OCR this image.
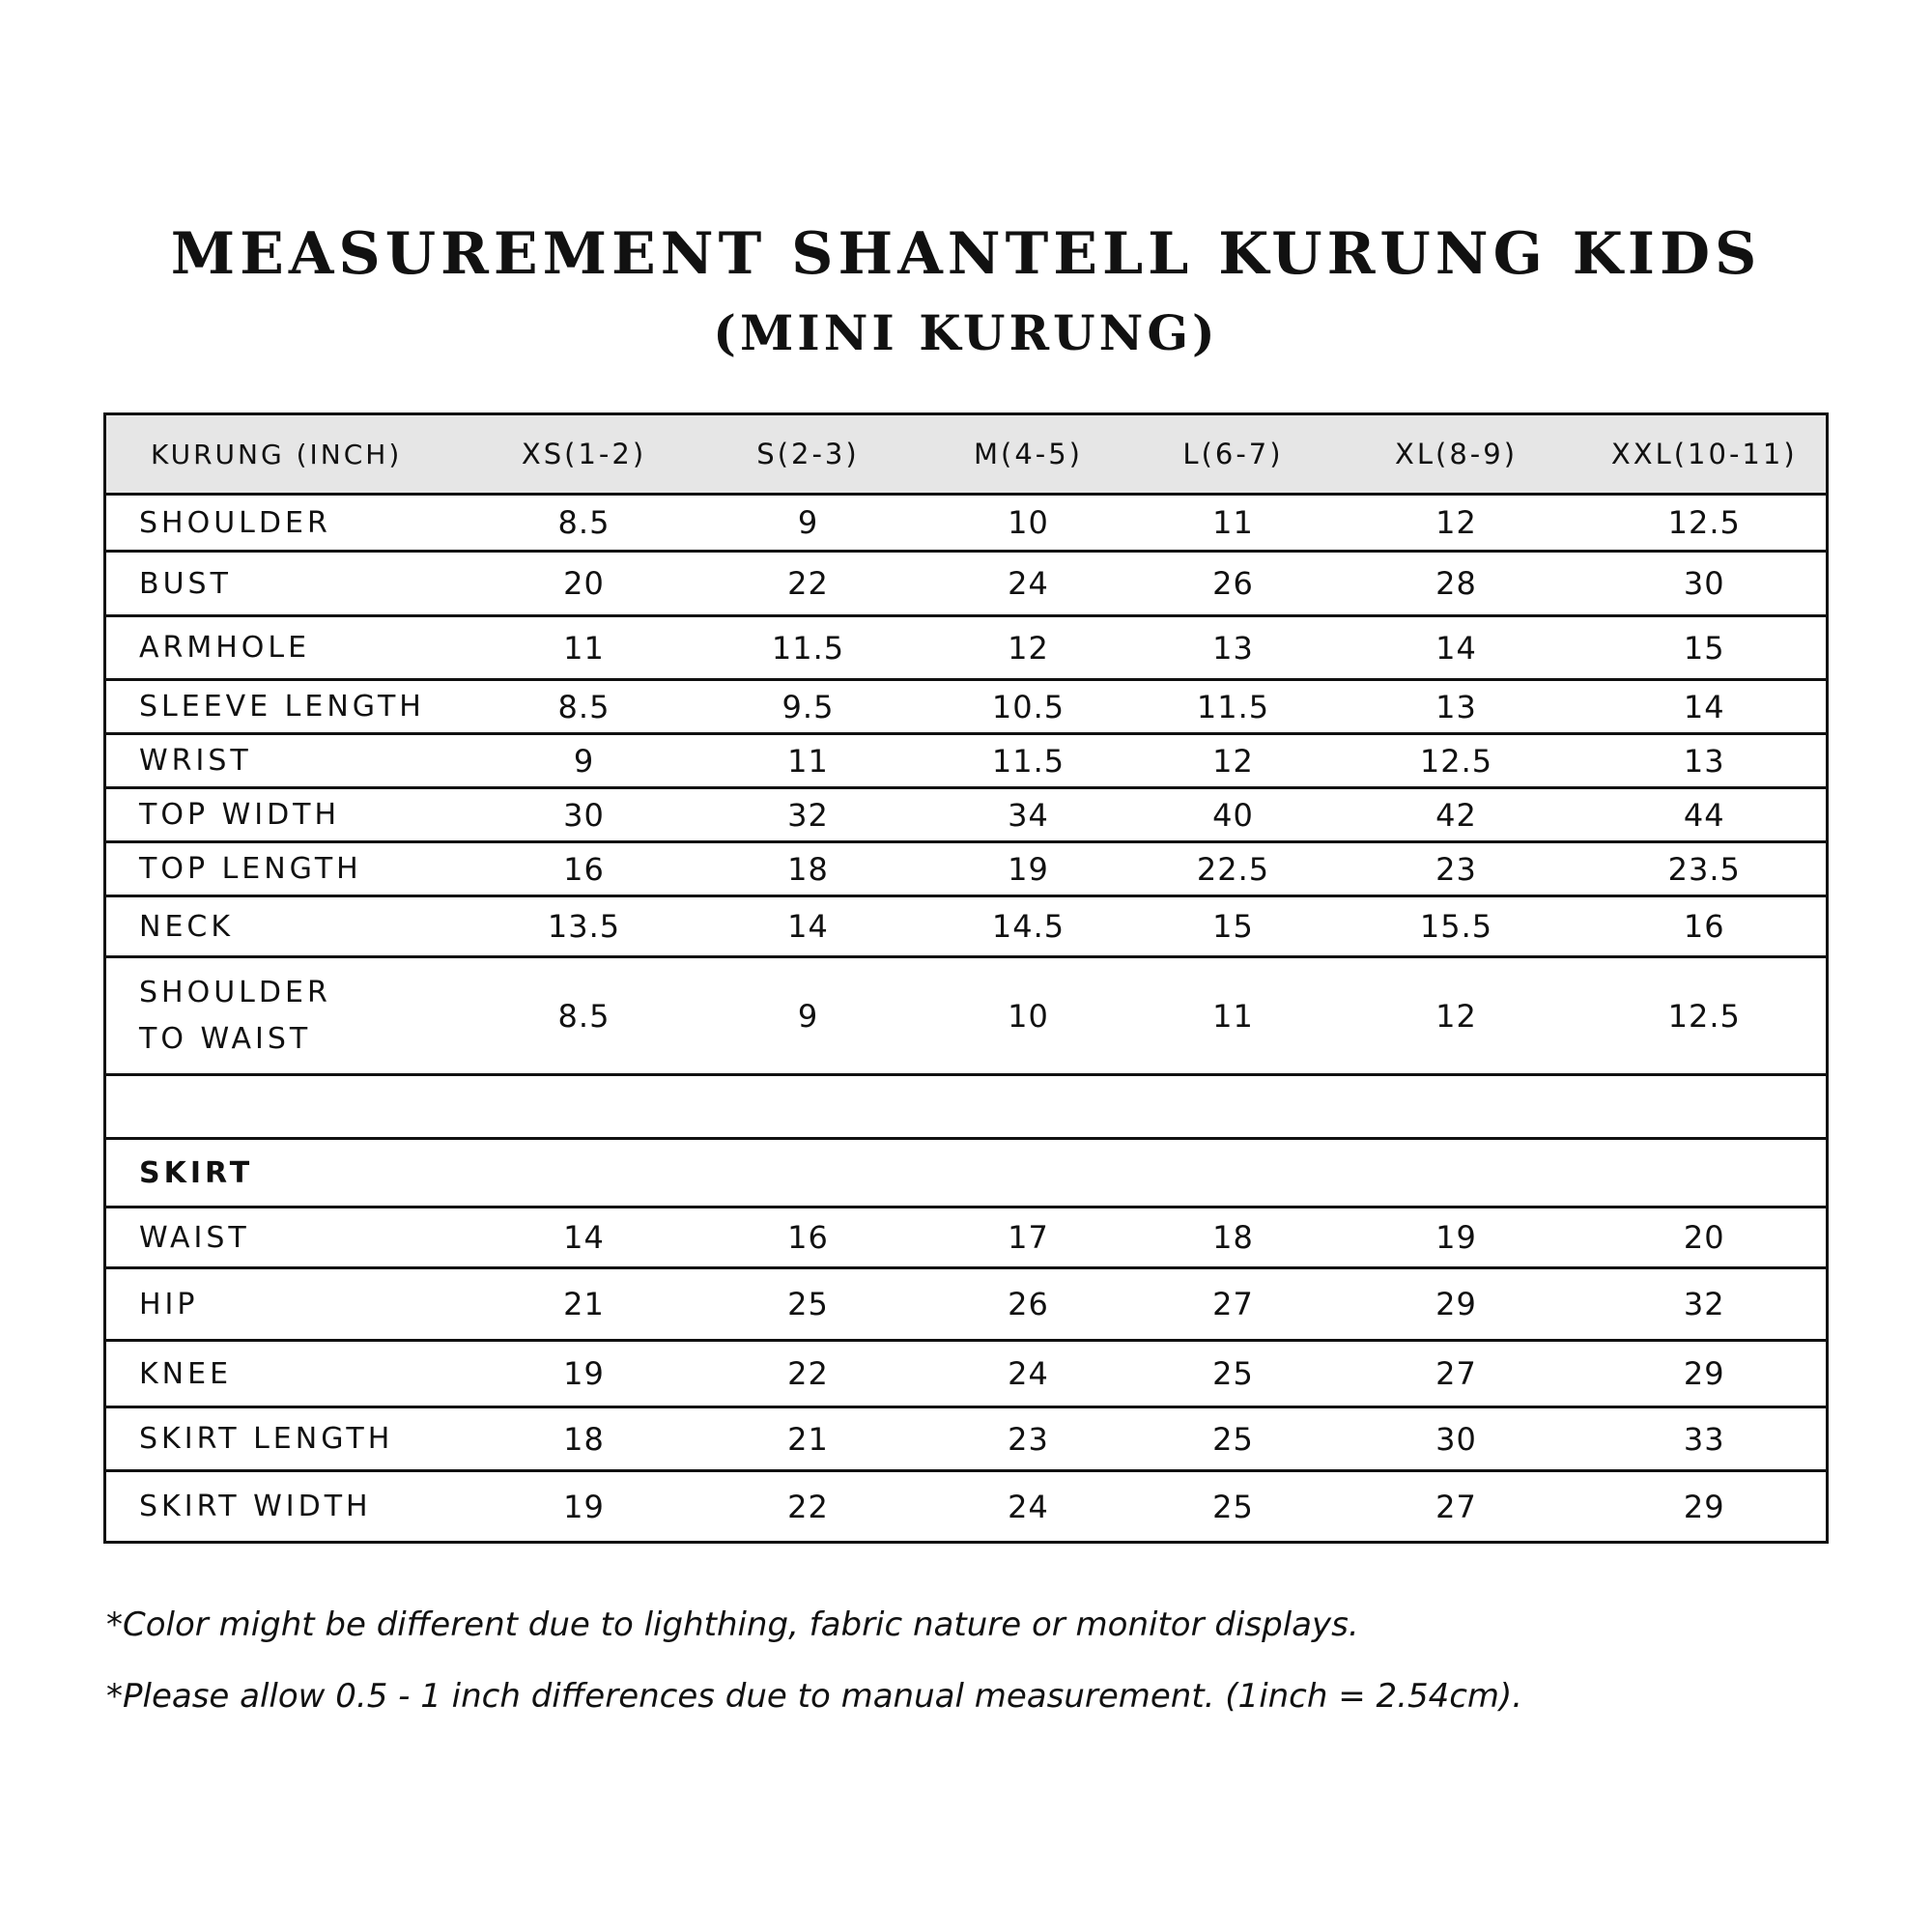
MEASUREMENT SHANTELL KURUNG KIDS
(MINI KURUNG)
KURUNG (INCH)	XS(1-2)	S(2-3)	M(4-5)	L(6-7)	XL(8-9)	XXL(10-11)
SHOULDER	8.5	9	10	11	12	12.5
BUST	20	22	24	26	28	30
ARMHOLE	11	11.5	12	13	14	15
SLEEVE LENGTH	8.5	9.5	10.5	11.5	13	14
WRIST	9	11	11.5	12	12.5	13
TOP WIDTH	30	32	34	40	42	44
TOP LENGTH	16	18	19	22.5	23	23.5
NECK	13.5	14	14.5	15	15.5	16
SHOULDER
TO WAIST	8.5	9	10	11	12	12.5

SKIRT						
WAIST	14	16	17	18	19	20
HIP	21	25	26	27	29	32
KNEE	19	22	24	25	27	29
SKIRT LENGTH	18	21	23	25	30	33
SKIRT WIDTH	19	22	24	25	27	29

*Color might be different due to lighthing, fabric nature or monitor displays.

*Please allow 0.5 - 1 inch differences due to manual measurement. (1inch = 2.54cm).
